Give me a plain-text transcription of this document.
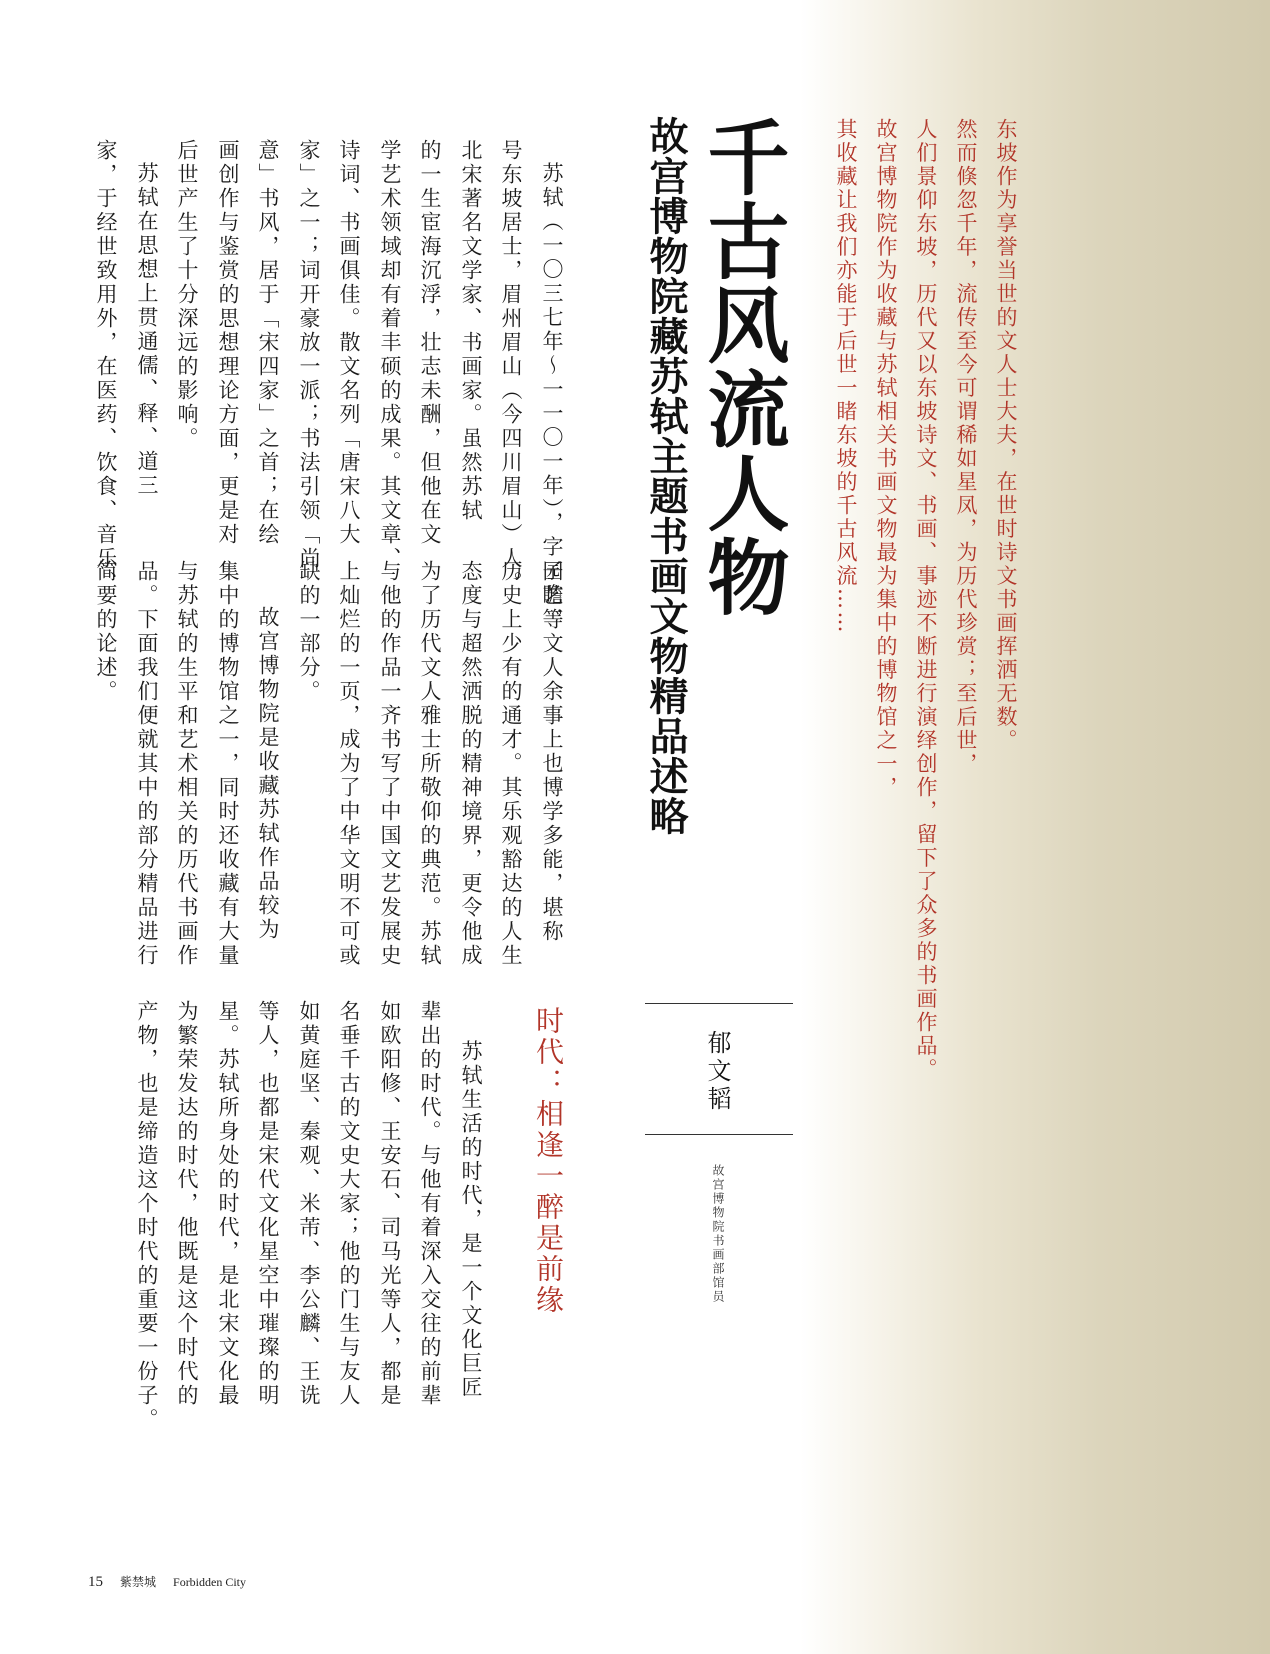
东坡作为享誉当世的文人士大夫，在世时诗文书画挥洒无数。
然而倏忽千年，流传至今可谓稀如星凤，为历代珍赏；至后世，
人们景仰东坡，历代又以东坡诗文、书画、事迹不断进行演绎创作，留下了众多的书画作品。
故宫博物院作为收藏与苏轼相关书画文物最为集中的博物馆之一，
其收藏让我们亦能于后世一睹东坡的千古风流……
千古风流人物
故宫博物院藏苏轼主题书画文物精品述略
郁文韬
故宫博物院书画部馆员
苏轼（一〇三七年～一一〇一年），字子瞻，
号东坡居士，眉州眉山（今四川眉山）人。
北宋著名文学家、书画家。虽然苏轼
的一生宦海沉浮，壮志未酬，但他在文
学艺术领域却有着丰硕的成果。其文章、
诗词、书画俱佳。散文名列「唐宋八大
家」之一；词开豪放一派；书法引领「尚
意」书风，居于「宋四家」之首；在绘
画创作与鉴赏的思想理论方面，更是对
后世产生了十分深远的影响。
苏轼在思想上贯通儒、释、道三
家，于经世致用外，在医药、饮食、音乐、
园艺等文人余事上也博学多能，堪称
历史上少有的通才。其乐观豁达的人生
态度与超然洒脱的精神境界，更令他成
为了历代文人雅士所敬仰的典范。苏轼
与他的作品一齐书写了中国文艺发展史
上灿烂的一页，成为了中华文明不可或
缺的一部分。
故宫博物院是收藏苏轼作品较为
集中的博物馆之一，同时还收藏有大量
与苏轼的生平和艺术相关的历代书画作
品。下面我们便就其中的部分精品进行
简要的论述。
时代：相逢一醉是前缘
苏轼生活的时代，是一个文化巨匠
辈出的时代。与他有着深入交往的前辈
如欧阳修、王安石、司马光等人，都是
名垂千古的文史大家；他的门生与友人
如黄庭坚、秦观、米芾、李公麟、王诜
等人，也都是宋代文化星空中璀璨的明
星。苏轼所身处的时代，是北宋文化最
为繁荣发达的时代，他既是这个时代的
产物，也是缔造这个时代的重要一份子。
15 紫禁城 Forbidden City
